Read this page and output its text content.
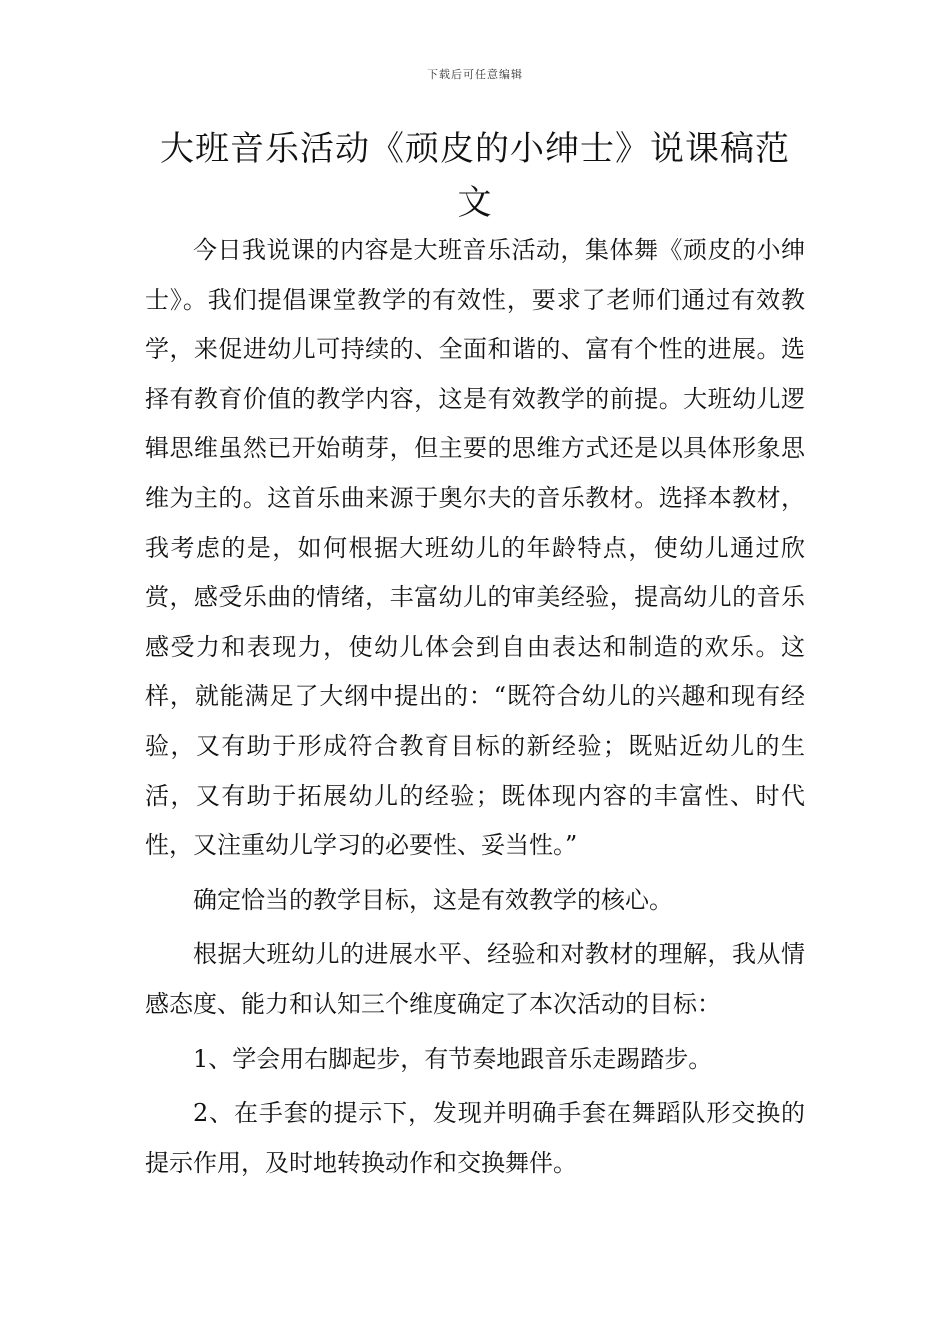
下载后可任意编辑
大班音乐活动《顽皮的小绅士》说课稿范文

今日我说课的内容是大班音乐活动，集体舞《顽皮的小绅士》。我们提倡课堂教学的有效性，要求了老师们通过有效教学，来促进幼儿可持续的、全面和谐的、富有个性的进展。选择有教育价值的教学内容，这是有效教学的前提。大班幼儿逻辑思维虽然已开始萌芽，但主要的思维方式还是以具体形象思维为主的。这首乐曲来源于奥尔夫的音乐教材。选择本教材，我考虑的是，如何根据大班幼儿的年龄特点，使幼儿通过欣赏，感受乐曲的情绪，丰富幼儿的审美经验，提高幼儿的音乐感受力和表现力，使幼儿体会到自由表达和制造的欢乐。这样，就能满足了大纲中提出的：“既符合幼儿的兴趣和现有经验，又有助于形成符合教育目标的新经验；既贴近幼儿的生活，又有助于拓展幼儿的经验；既体现内容的丰富性、时代性，又注重幼儿学习的必要性、妥当性。”

确定恰当的教学目标，这是有效教学的核心。

根据大班幼儿的进展水平、经验和对教材的理解，我从情感态度、能力和认知三个维度确定了本次活动的目标：

1、学会用右脚起步，有节奏地跟音乐走踢踏步。

2、在手套的提示下，发现并明确手套在舞蹈队形交换的提示作用，及时地转换动作和交换舞伴。
